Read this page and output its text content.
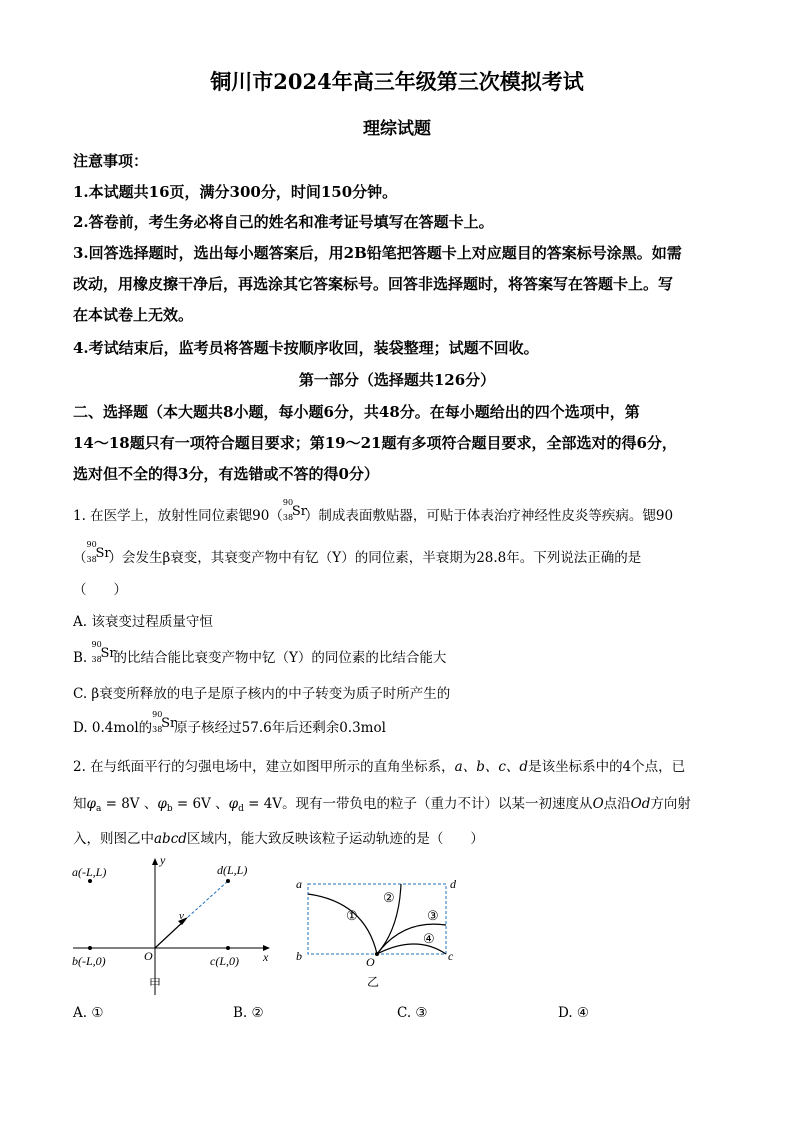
铜川市2024年高三年级第三次模拟考试
理综试题
注意事项：
1.本试题共16页，满分300分，时间150分钟。
2.答卷前，考生务必将自己的姓名和准考证号填写在答题卡上。
3.回答选择题时，选出每小题答案后，用2B铅笔把答题卡上对应题目的答案标号涂黑。如需
改动，用橡皮擦干净后，再选涂其它答案标号。回答非选择题时，将答案写在答题卡上。写
在本试卷上无效。
4.考试结束后，监考员将答题卡按顺序收回，装袋整理；试题不回收。
第一部分（选择题共126分）
二、选择题（本大题共8小题，每小题6分，共48分。在每小题给出的四个选项中，第
14～18题只有一项符合题目要求；第19～21题有多项符合题目要求，全部选对的得6分，
选对但不全的得3分，有选错或不答的得0分）
1. 在医学上，放射性同位素锶90（
90
38
Sr
）制成表面敷贴器，可贴于体表治疗神经性皮炎等疾病。锶90
（
90
38
Sr
）会发生β衰变，其衰变产物中有钇（Y）的同位素，半衰期为28.8年。下列说法正确的是
（　　）
A. 该衰变过程质量守恒
B.
90
38
Sr
的比结合能比衰变产物中钇（Y）的同位素的比结合能大
C. β衰变所释放的电子是原子核内的中子转变为质子时所产生的
D. 0.4mol的
90
38
Sr
原子核经过57.6年后还剩余0.3mol
2. 在与纸面平行的匀强电场中，建立如图甲所示的直角坐标系，a、b、c、d是该坐标系中的4个点，已
知$\varphi_a = 8V$ 、$\varphi_b = 6V$ 、$\varphi_d = 4V$。现有一带负电的粒子（重力不计）以某一初速度从O点沿Od方向射
入，则图乙中abcd区域内，能大致反映该粒子运动轨迹的是（　　）
a(-L,L)	d(L,L)
b(-L,0)	c(L,0)
O	x
y
v
甲
a	d
b	c
O
①
②
③
④
乙
A. ①	B. ②	C. ③	D. ④
